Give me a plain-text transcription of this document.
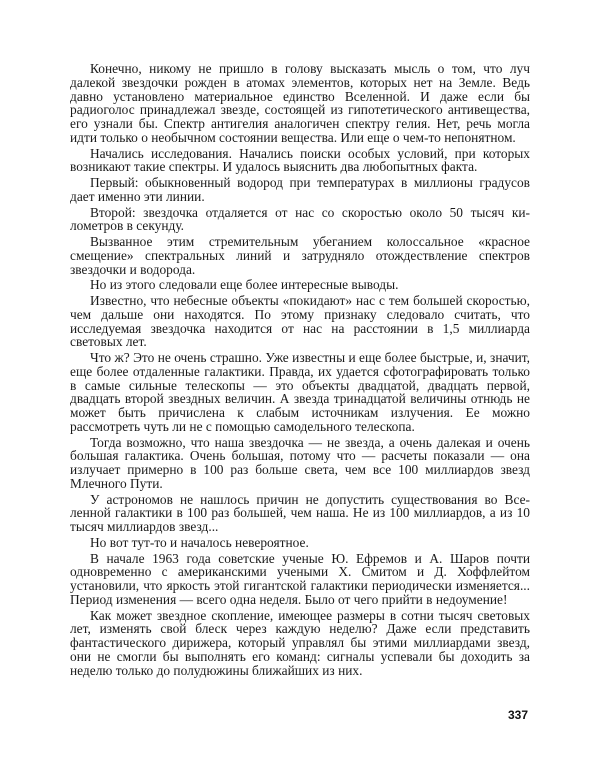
Конечно, никому не пришло в голову высказать мысль о том, что луч далекой звездочки рожден в атомах элементов, которых нет на Земле. Ведь давно установлено материальное единство Вселенной. И даже если бы радиоголос принадлежал звезде, состоящей из гипотетического антивещества, его узнали бы. Спектр антигелия аналогичен спектру гелия. Нет, речь могла идти только о необычном состоянии вещества. Или еще о чем-то непонятном.

Начались исследования. Начались поиски особых условий, при которых возникают такие спектры. И удалось выяснить два любопытных факта.

Первый: обыкновенный водород при температурах в миллионы градусов дает именно эти линии.

Второй: звездочка отдаляется от нас со скоростью около 50 тысяч километров в секунду.

Вызванное этим стремительным убеганием колоссальное «красное смещение» спектральных линий и затрудняло отождествление спектров звездочки и водорода.

Но из этого следовали еще более интересные выводы.

Известно, что небесные объекты «покидают» нас с тем большей скоростью, чем дальше они находятся. По этому признаку следовало считать, что исследуемая звездочка находится от нас на расстоянии в 1,5 миллиарда световых лет.

Что ж? Это не очень страшно. Уже известны и еще более быстрые, и, значит, еще более отдаленные галактики. Правда, их удается сфотографировать только в самые сильные телескопы — это объекты двадцатой, двадцать первой, двадцать второй звездных величин. А звезда тринадцатой величины отнюдь не может быть причислена к слабым источникам излучения. Ее можно рассмотреть чуть ли не с помощью самодельного телескопа.

Тогда возможно, что наша звездочка — не звезда, а очень далекая и очень большая галактика. Очень большая, потому что — расчеты показали — она излучает примерно в 100 раз больше света, чем все 100 миллиардов звезд Млечного Пути.

У астрономов не нашлось причин не допустить существования во Вселенной галактики в 100 раз большей, чем наша. Не из 100 миллиардов, а из 10 тысяч миллиардов звезд...

Но вот тут-то и началось невероятное.

В начале 1963 года советские ученые Ю. Ефремов и А. Шаров почти одновременно с американскими учеными Х. Смитом и Д. Хоффлейтом установили, что яркость этой гигантской галактики периодически изменяется... Период изменения — всего одна неделя. Было от чего прийти в недоумение!

Как может звездное скопление, имеющее размеры в сотни тысяч световых лет, изменять свой блеск через каждую неделю? Даже если представить фантастического дирижера, который управлял бы этими миллиардами звезд, они не смогли бы выполнять его команд: сигналы успевали бы доходить за неделю только до полудюжины ближайших из них.

337
